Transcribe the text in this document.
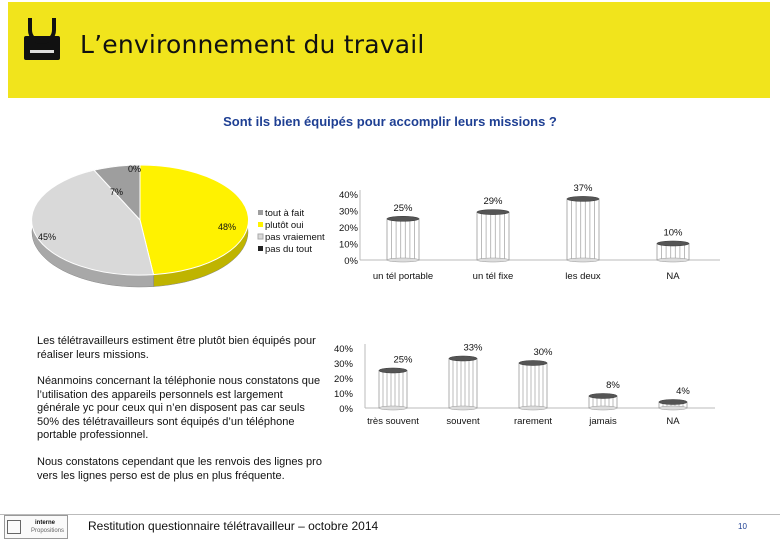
L’environnement du travail
Sont ils bien équipés pour accomplir leurs missions ?
7%
48%
45%
0%
tout à fait
plutôt oui
pas vraiement
pas du tout
0%
10%
20%
30%
40%
25%
un tél portable
29%
un tél fixe
37%
les deux
10%
NA
0%
10%
20%
30%
40%
25%
très souvent
33%
souvent
30%
rarement
8%
jamais
4%
NA
Les télétravailleurs estiment être plutôt bien équipés pour réaliser leurs missions.
Néanmoins concernant la téléphonie nous constatons que l’utilisation des appareils personnels est largement générale yc pour ceux qui n’en disposent pas car seuls 50% des télétravailleurs sont équipés d’un téléphone portable professionnel.
Nous constatons cependant que les renvois des lignes pro vers les lignes perso est de plus en plus fréquente.
interne
Propositions Restitution questionnaire télétravailleur – octobre 2014	10
